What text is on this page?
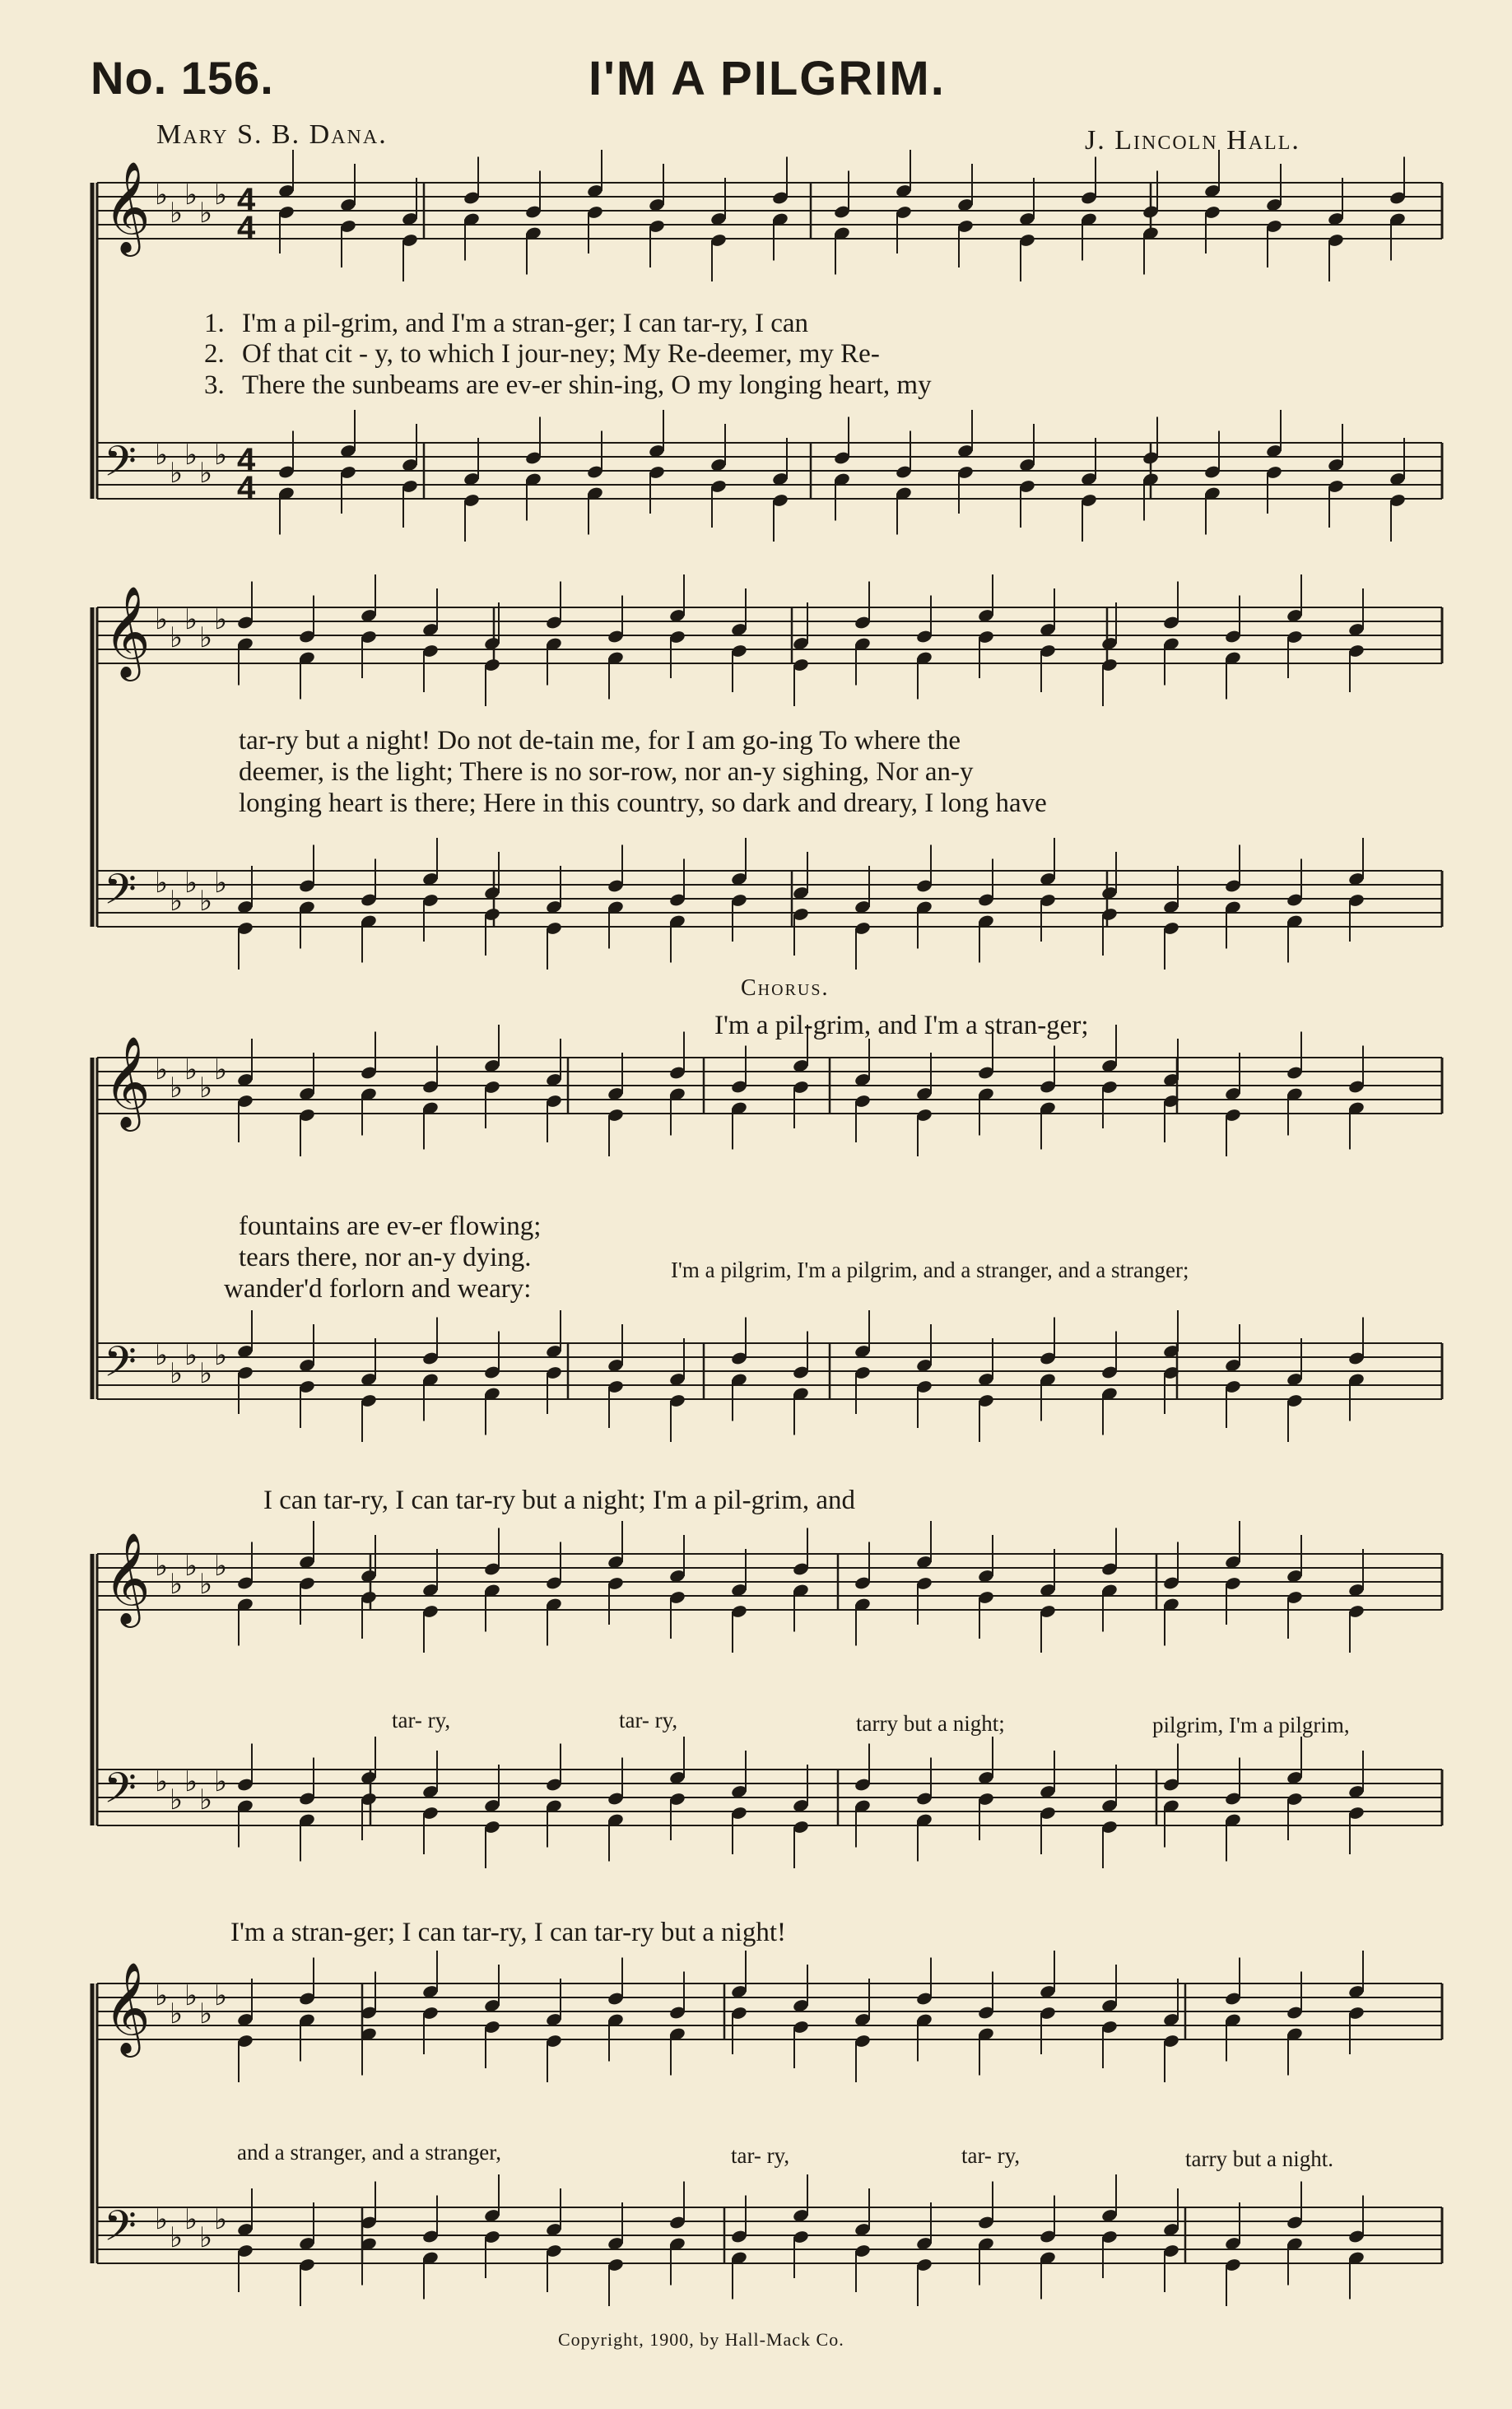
No. 156.	I'M A PILGRIM.
Mary S. B. Dana.	J. Lincoln Hall.
𝄞 ♭
♭
♭
♭
♭ 4
4
𝄢 ♭
♭
♭
♭
♭ 4
4
𝄞 ♭
♭
♭
♭
♭
𝄢 ♭
♭
♭
♭
♭
𝄞 ♭
♭
♭
♭
♭
𝄢 ♭
♭
♭
♭
♭
𝄞 ♭
♭
♭
♭
♭
𝄢 ♭
♭
♭
♭
♭
𝄞 ♭
♭
♭
♭
♭
𝄢 ♭
♭
♭
♭
♭
1. I'm a pil-grim, and I'm a stran-ger; I can tar-ry, I can
2. Of that cit - y, to which I jour-ney; My Re-deemer, my Re-
3. There the sunbeams are ev-er shin-ing, O my longing heart, my
tar-ry but a night! Do not de-tain me, for I am go-ing To where the
deemer, is the light; There is no sor-row, nor an-y sighing, Nor an-y
longing heart is there; Here in this country, so dark and dreary, I long have
Chorus.
I'm a pil-grim, and I'm a stran-ger;
fountains are ev-er flowing;
tears there, nor an-y dying.
wander'd forlorn and weary:
I'm a pilgrim, I'm a pilgrim, and a stranger, and a stranger;
I can tar-ry, I can tar-ry but a night; I'm a pil-grim, and
tar- ry,	tar- ry,	tarry but a night;	pilgrim, I'm a pilgrim,
I'm a stran-ger; I can tar-ry, I can tar-ry but a night!
and a stranger, and a stranger,	tar- ry,	tar- ry,	tarry but a night.
Copyright, 1900, by Hall-Mack Co.
